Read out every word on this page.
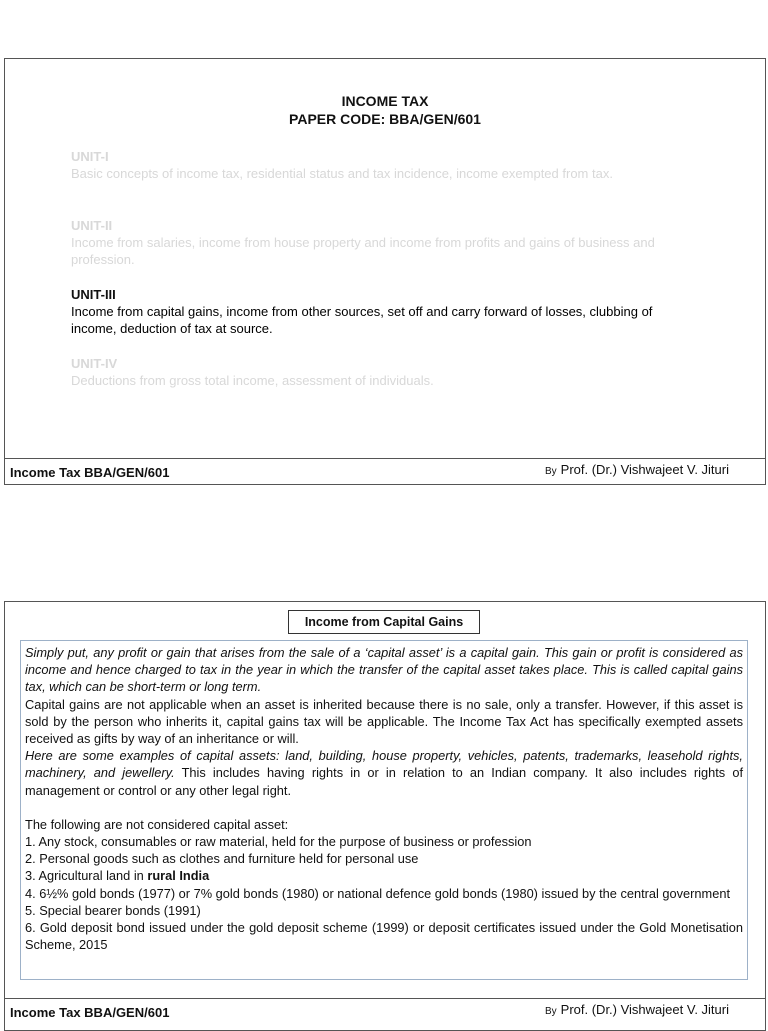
INCOME TAX
PAPER CODE: BBA/GEN/601
UNIT-I
Basic concepts of income tax, residential status and tax incidence, income exempted from tax.
UNIT-II
Income from salaries, income from house property and income from profits and gains of business and profession.
UNIT-III
Income from capital gains, income from other sources, set off and carry forward of losses, clubbing of income, deduction of tax at source.
UNIT-IV
Deductions from gross total income, assessment of individuals.
Income Tax BBA/GEN/601	By Prof. (Dr.) Vishwajeet V. Jituri
Income from Capital Gains

Simply put, any profit or gain that arises from the sale of a ‘capital asset’ is a capital gain. This gain or profit is considered as income and hence charged to tax in the year in which the transfer of the capital asset takes place. This is called capital gains tax, which can be short-term or long term.

Capital gains are not applicable when an asset is inherited because there is no sale, only a transfer. However, if this asset is sold by the person who inherits it, capital gains tax will be applicable. The Income Tax Act has specifically exempted assets received as gifts by way of an inheritance or will.

Here are some examples of capital assets: land, building, house property, vehicles, patents, trademarks, leasehold rights, machinery, and jewellery. This includes having rights in or in relation to an Indian company. It also includes rights of management or control or any other legal right.

The following are not considered capital asset:

1. Any stock, consumables or raw material, held for the purpose of business or profession

2. Personal goods such as clothes and furniture held for personal use

3. Agricultural land in rural India

4. 6½% gold bonds (1977) or 7% gold bonds (1980) or national defence gold bonds (1980) issued by the central government

5. Special bearer bonds (1991)

6. Gold deposit bond issued under the gold deposit scheme (1999) or deposit certificates issued under the Gold Monetisation Scheme, 2015

Income Tax BBA/GEN/601	By Prof. (Dr.) Vishwajeet V. Jituri
